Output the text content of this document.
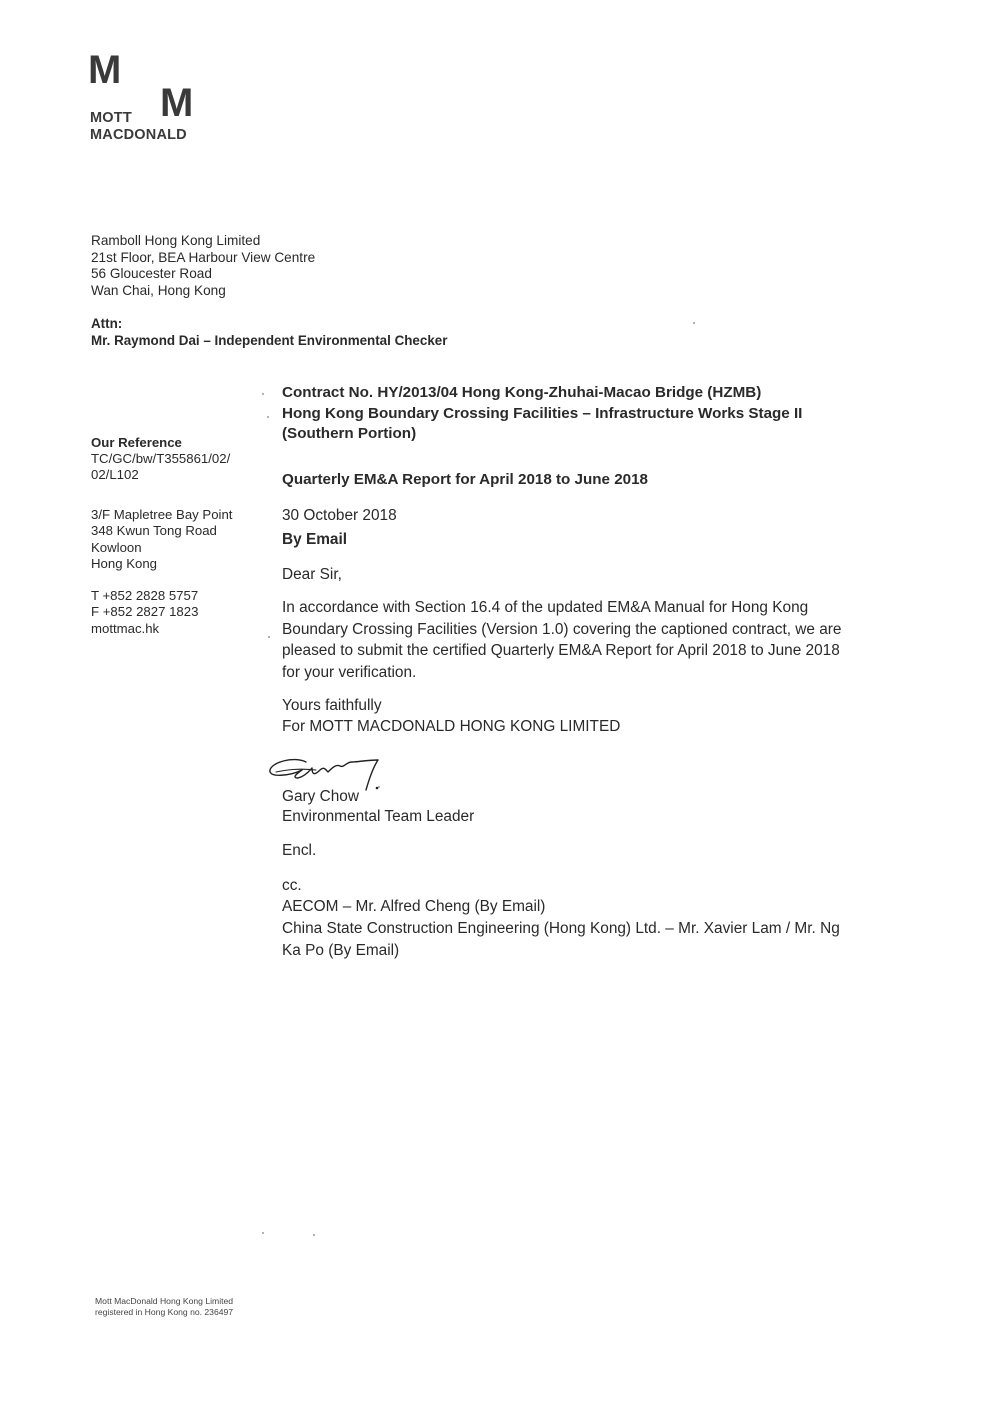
M
M
MOTT
MACDONALD
Ramboll Hong Kong Limited
21st Floor, BEA Harbour View Centre
56 Gloucester Road
Wan Chai, Hong Kong
Attn:
Mr. Raymond Dai – Independent Environmental Checker
Our Reference
TC/GC/bw/T355861/02/
02/L102
3/F Mapletree Bay Point
348 Kwun Tong Road
Kowloon
Hong Kong
T +852 2828 5757
F +852 2827 1823
mottmac.hk
Contract No. HY/2013/04 Hong Kong-Zhuhai-Macao Bridge (HZMB)
Hong Kong Boundary Crossing Facilities – Infrastructure Works Stage II
(Southern Portion)
Quarterly EM&A Report for April 2018 to June 2018
30 October 2018
By Email
Dear Sir,
In accordance with Section 16.4 of the updated EM&A Manual for Hong Kong
Boundary Crossing Facilities (Version 1.0) covering the captioned contract, we are
pleased to submit the certified Quarterly EM&A Report for April 2018 to June 2018
for your verification.
Yours faithfully
For MOTT MACDONALD HONG KONG LIMITED
Gary Chow
Environmental Team Leader
Encl.
cc.
AECOM – Mr. Alfred Cheng (By Email)
China State Construction Engineering (Hong Kong) Ltd. – Mr. Xavier Lam / Mr. Ng
Ka Po (By Email)
Mott MacDonald Hong Kong Limited
registered in Hong Kong no. 236497
